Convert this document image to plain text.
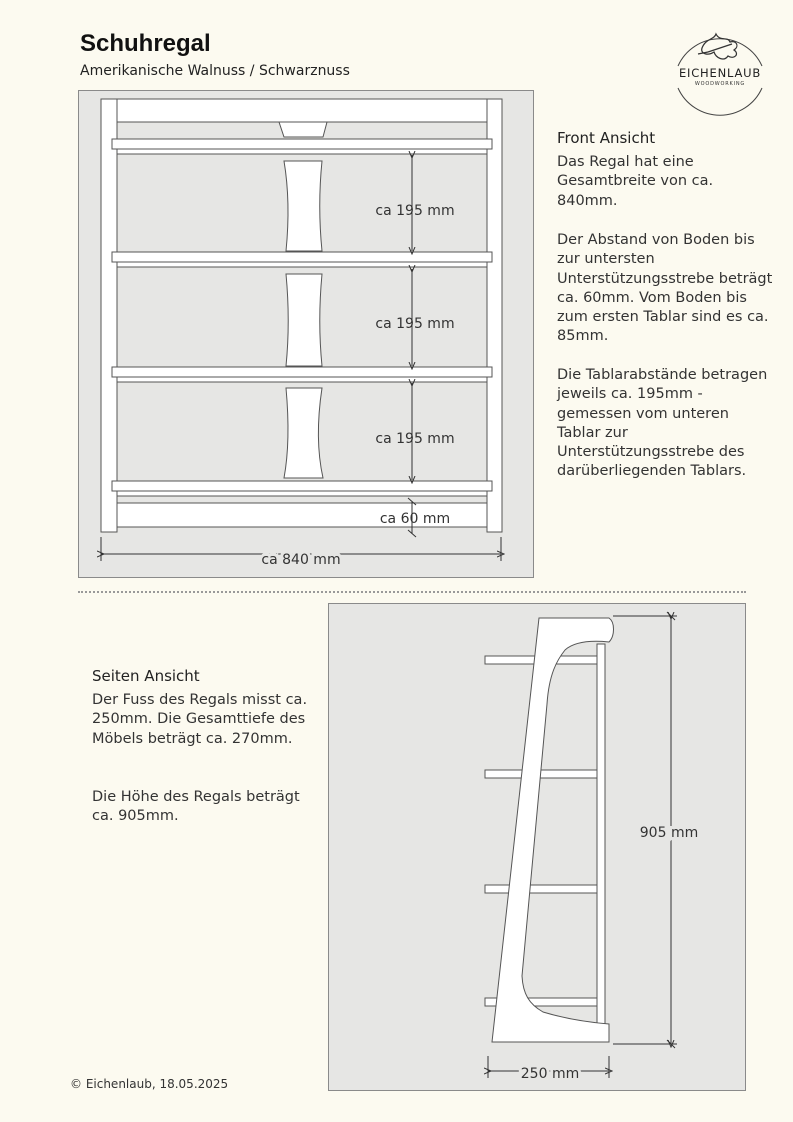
Schuhregal
Amerikanische Walnuss / Schwarznuss	EICHENLAUB
WOODWORKING
ca 195 mm
ca 195 mm
ca 195 mm
ca 60 mm
ca 840 mm
Front Ansicht
Das Regal hat eine Gesamtbreite von ca. 840mm.
Der Abstand von Boden bis zur untersten Unterstützungsstrebe beträgt ca. 60mm. Vom Boden bis zum ersten Tablar sind es ca. 85mm.
Die Tablarabstände betragen jeweils ca. 195mm - gemessen vom unteren Tablar zur Unterstützungsstrebe des darüberliegenden Tablars.
Seiten Ansicht
Der Fuss des Regals misst ca. 250mm. Die Gesamttiefe des Möbels beträgt ca. 270mm.
Die Höhe des Regals beträgt ca. 905mm.
905 mm
250 mm
© Eichenlaub, 18.05.2025
